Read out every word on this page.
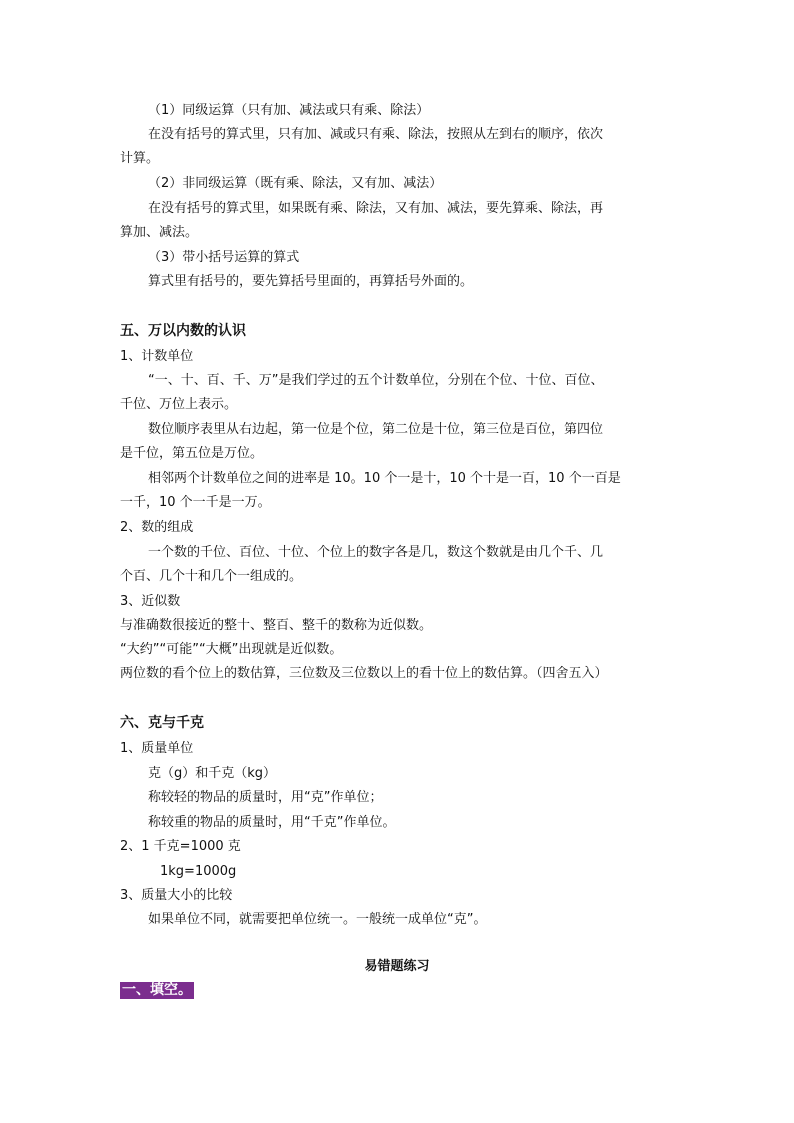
（1）同级运算（只有加、减法或只有乘、除法）
在没有括号的算式里，只有加、减或只有乘、除法，按照从左到右的顺序，依次
计算。
（2）非同级运算（既有乘、除法，又有加、减法）
在没有括号的算式里，如果既有乘、除法，又有加、减法，要先算乘、除法，再
算加、减法。
（3）带小括号运算的算式
算式里有括号的，要先算括号里面的，再算括号外面的。
五、万以内数的认识
1、计数单位
“一、十、百、千、万”是我们学过的五个计数单位，分别在个位、十位、百位、
千位、万位上表示。
数位顺序表里从右边起，第一位是个位，第二位是十位，第三位是百位，第四位
是千位，第五位是万位。
相邻两个计数单位之间的进率是 10。10 个一是十，10 个十是一百，10 个一百是
一千，10 个一千是一万。
2、数的组成
一个数的千位、百位、十位、个位上的数字各是几，数这个数就是由几个千、几
个百、几个十和几个一组成的。
3、近似数
与准确数很接近的整十、整百、整千的数称为近似数。
“大约”“可能”“大概”出现就是近似数。
两位数的看个位上的数估算，三位数及三位数以上的看十位上的数估算。（四舍五入）
六、克与千克
1、质量单位
克（g）和千克（kg）
称较轻的物品的质量时，用“克”作单位；
称较重的物品的质量时，用“千克”作单位。
2、1 千克=1000 克
1kg=1000g
3、质量大小的比较
如果单位不同，就需要把单位统一。一般统一成单位“克”。
易错题练习
一、填空。
